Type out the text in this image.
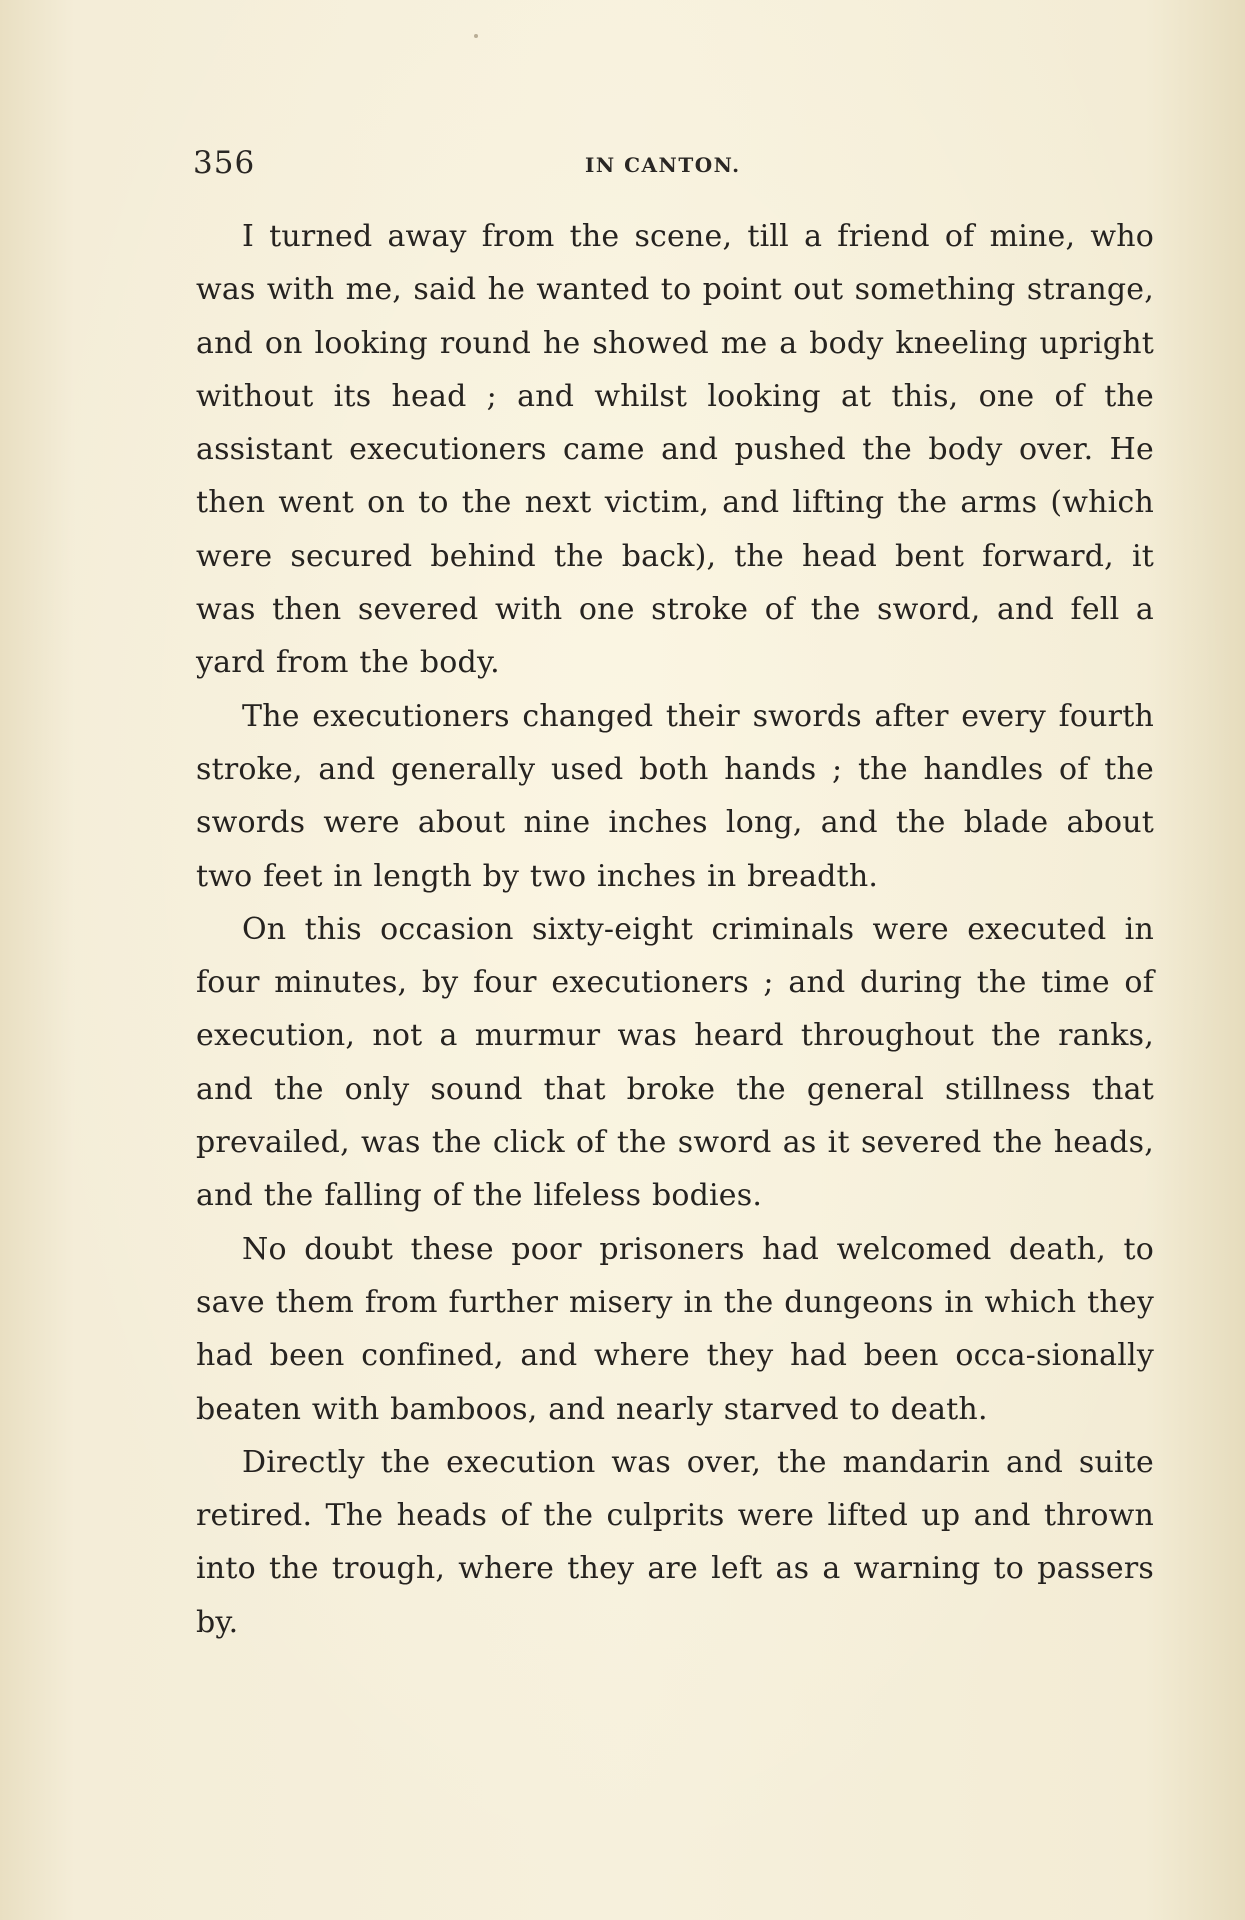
356	IN CANTON.

I turned away from the scene, till a friend of mine, who was with me, said he wanted to point out something strange, and on looking round he showed me a body kneeling upright without its head ; and whilst looking at this, one of the assistant executioners came and pushed the body over. He then went on to the next victim, and lifting the arms (which were secured behind the back), the head bent forward, it was then severed with one stroke of the sword, and fell a yard from the body.

The executioners changed their swords after every fourth stroke, and generally used both hands ; the handles of the swords were about nine inches long, and the blade about two feet in length by two inches in breadth.

On this occasion sixty-eight criminals were executed in four minutes, by four executioners ; and during the time of execution, not a murmur was heard throughout the ranks, and the only sound that broke the general stillness that prevailed, was the click of the sword as it severed the heads, and the falling of the lifeless bodies.

No doubt these poor prisoners had welcomed death, to save them from further misery in the dungeons in which they had been confined, and where they had been occa-sionally beaten with bamboos, and nearly starved to death.

Directly the execution was over, the mandarin and suite retired. The heads of the culprits were lifted up and thrown into the trough, where they are left as a warning to passers by.
